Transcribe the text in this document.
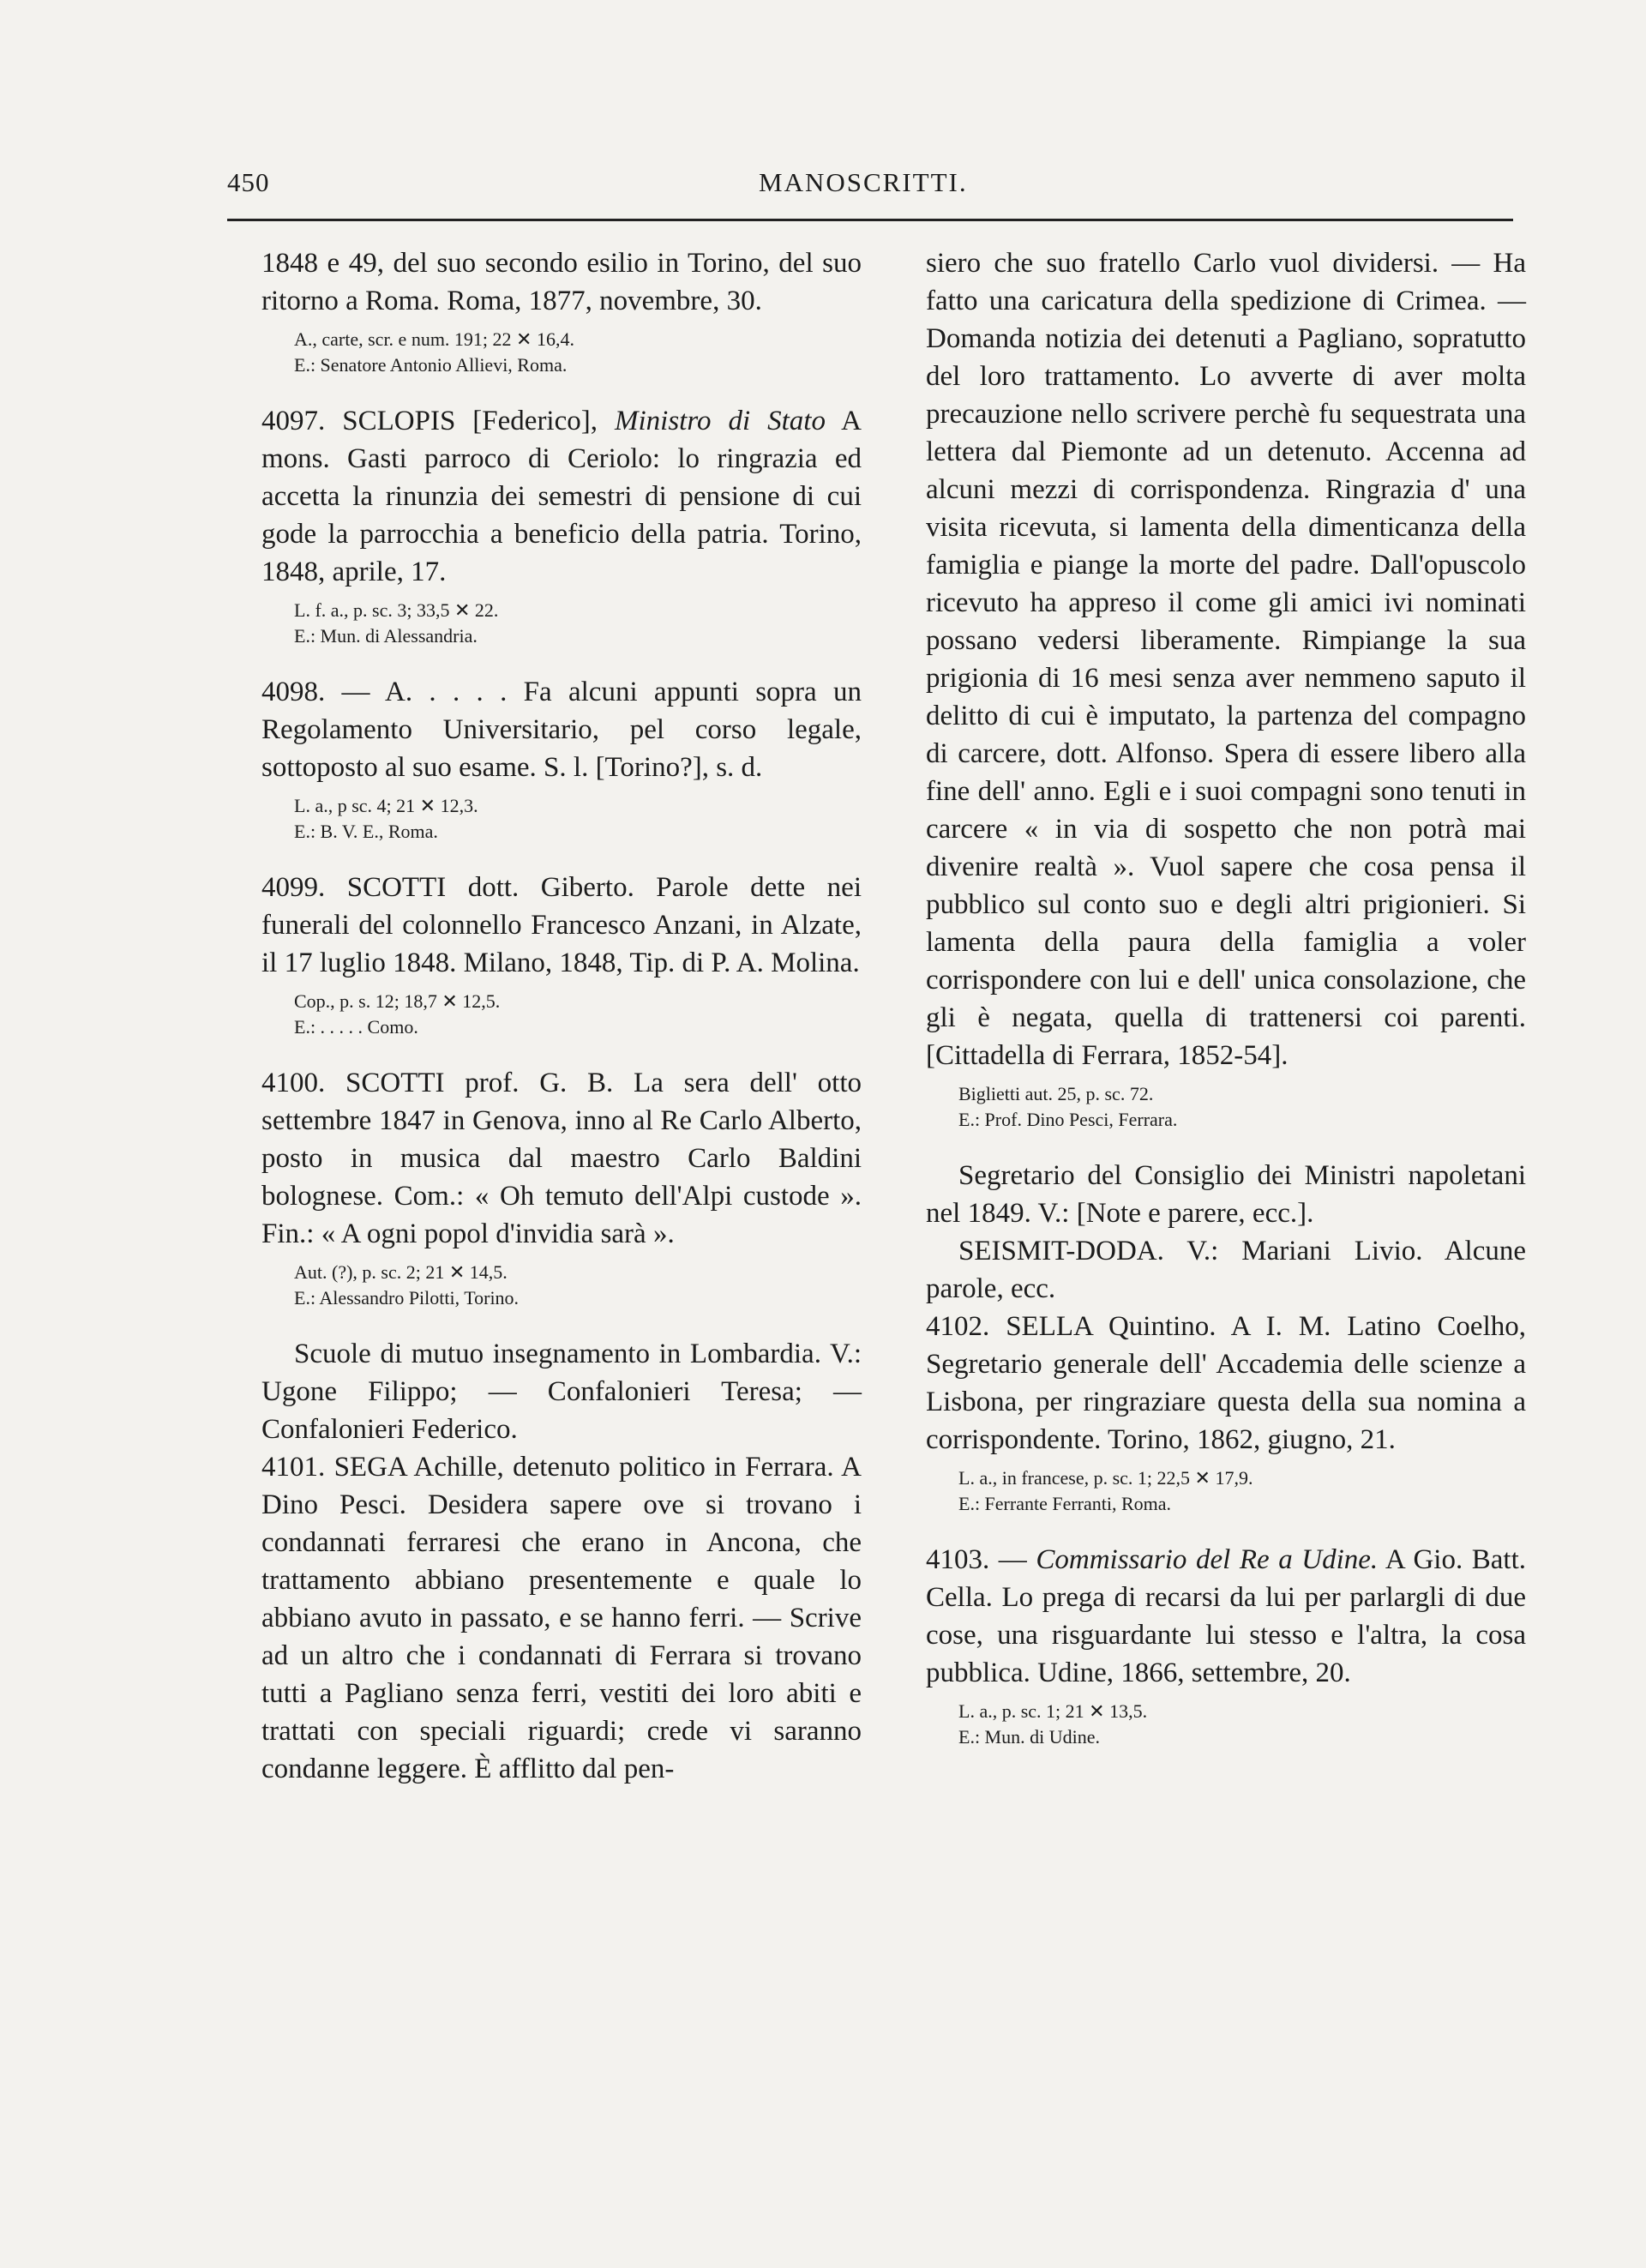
450	MANOSCRITTI.

1848 e 49, del suo secondo esilio in Torino, del suo ritorno a Roma. Roma, 1877, novembre, 30.

A., carte, scr. e num. 191; 22 ✕ 16,4.
E.: Senatore Antonio Allievi, Roma.

4097. SCLOPIS [Federico], Ministro di Stato A mons. Gasti parroco di Ceriolo: lo ringrazia ed accetta la rinunzia dei semestri di pensione di cui gode la parrocchia a beneficio della patria. Torino, 1848, aprile, 17.

L. f. a., p. sc. 3; 33,5 ✕ 22.
E.: Mun. di Alessandria.

4098. — A. . . . . Fa alcuni appunti sopra un Regolamento Universitario, pel corso legale, sottoposto al suo esame. S. l. [Torino?], s. d.

L. a., p sc. 4; 21 ✕ 12,3.
E.: B. V. E., Roma.

4099. SCOTTI dott. Giberto. Parole dette nei funerali del colonnello Francesco Anzani, in Alzate, il 17 luglio 1848. Milano, 1848, Tip. di P. A. Molina.

Cop., p. s. 12; 18,7 ✕ 12,5.
E.: . . . . . Como.

4100. SCOTTI prof. G. B. La sera dell' otto settembre 1847 in Genova, inno al Re Carlo Alberto, posto in musica dal maestro Carlo Baldini bolognese. Com.: « Oh temuto dell'Alpi custode ». Fin.: « A ogni popol d'invidia sarà ».

Aut. (?), p. sc. 2; 21 ✕ 14,5.
E.: Alessandro Pilotti, Torino.

Scuole di mutuo insegnamento in Lombardia. V.: Ugone Filippo; — Confalonieri Teresa; — Confalonieri Federico.

4101. SEGA Achille, detenuto politico in Ferrara. A Dino Pesci. Desidera sapere ove si trovano i condannati ferraresi che erano in Ancona, che trattamento abbiano presentemente e quale lo abbiano avuto in passato, e se hanno ferri. — Scrive ad un altro che i condannati di Ferrara si trovano tutti a Pagliano senza ferri, vestiti dei loro abiti e trattati con speciali riguardi; crede vi saranno condanne leggere. È afflitto dal pen-

siero che suo fratello Carlo vuol dividersi. — Ha fatto una caricatura della spedizione di Crimea. — Domanda notizia dei detenuti a Pagliano, sopratutto del loro trattamento. Lo avverte di aver molta precauzione nello scrivere perchè fu sequestrata una lettera dal Piemonte ad un detenuto. Accenna ad alcuni mezzi di corrispondenza. Ringrazia d' una visita ricevuta, si lamenta della dimenticanza della famiglia e piange la morte del padre. Dall'opuscolo ricevuto ha appreso il come gli amici ivi nominati possano vedersi liberamente. Rimpiange la sua prigionia di 16 mesi senza aver nemmeno saputo il delitto di cui è imputato, la partenza del compagno di carcere, dott. Alfonso. Spera di essere libero alla fine dell' anno. Egli e i suoi compagni sono tenuti in carcere « in via di sospetto che non potrà mai divenire realtà ». Vuol sapere che cosa pensa il pubblico sul conto suo e degli altri prigionieri. Si lamenta della paura della famiglia a voler corrispondere con lui e dell' unica consolazione, che gli è negata, quella di trattenersi coi parenti. [Cittadella di Ferrara, 1852-54].

Biglietti aut. 25, p. sc. 72.
E.: Prof. Dino Pesci, Ferrara.

Segretario del Consiglio dei Ministri napoletani nel 1849. V.: [Note e parere, ecc.].

SEISMIT-DODA. V.: Mariani Livio. Alcune parole, ecc.

4102. SELLA Quintino. A I. M. Latino Coelho, Segretario generale dell' Accademia delle scienze a Lisbona, per ringraziare questa della sua nomina a corrispondente. Torino, 1862, giugno, 21.

L. a., in francese, p. sc. 1; 22,5 ✕ 17,9.
E.: Ferrante Ferranti, Roma.

4103. — Commissario del Re a Udine. A Gio. Batt. Cella. Lo prega di recarsi da lui per parlargli di due cose, una risguardante lui stesso e l'altra, la cosa pubblica. Udine, 1866, settembre, 20.

L. a., p. sc. 1; 21 ✕ 13,5.
E.: Mun. di Udine.
